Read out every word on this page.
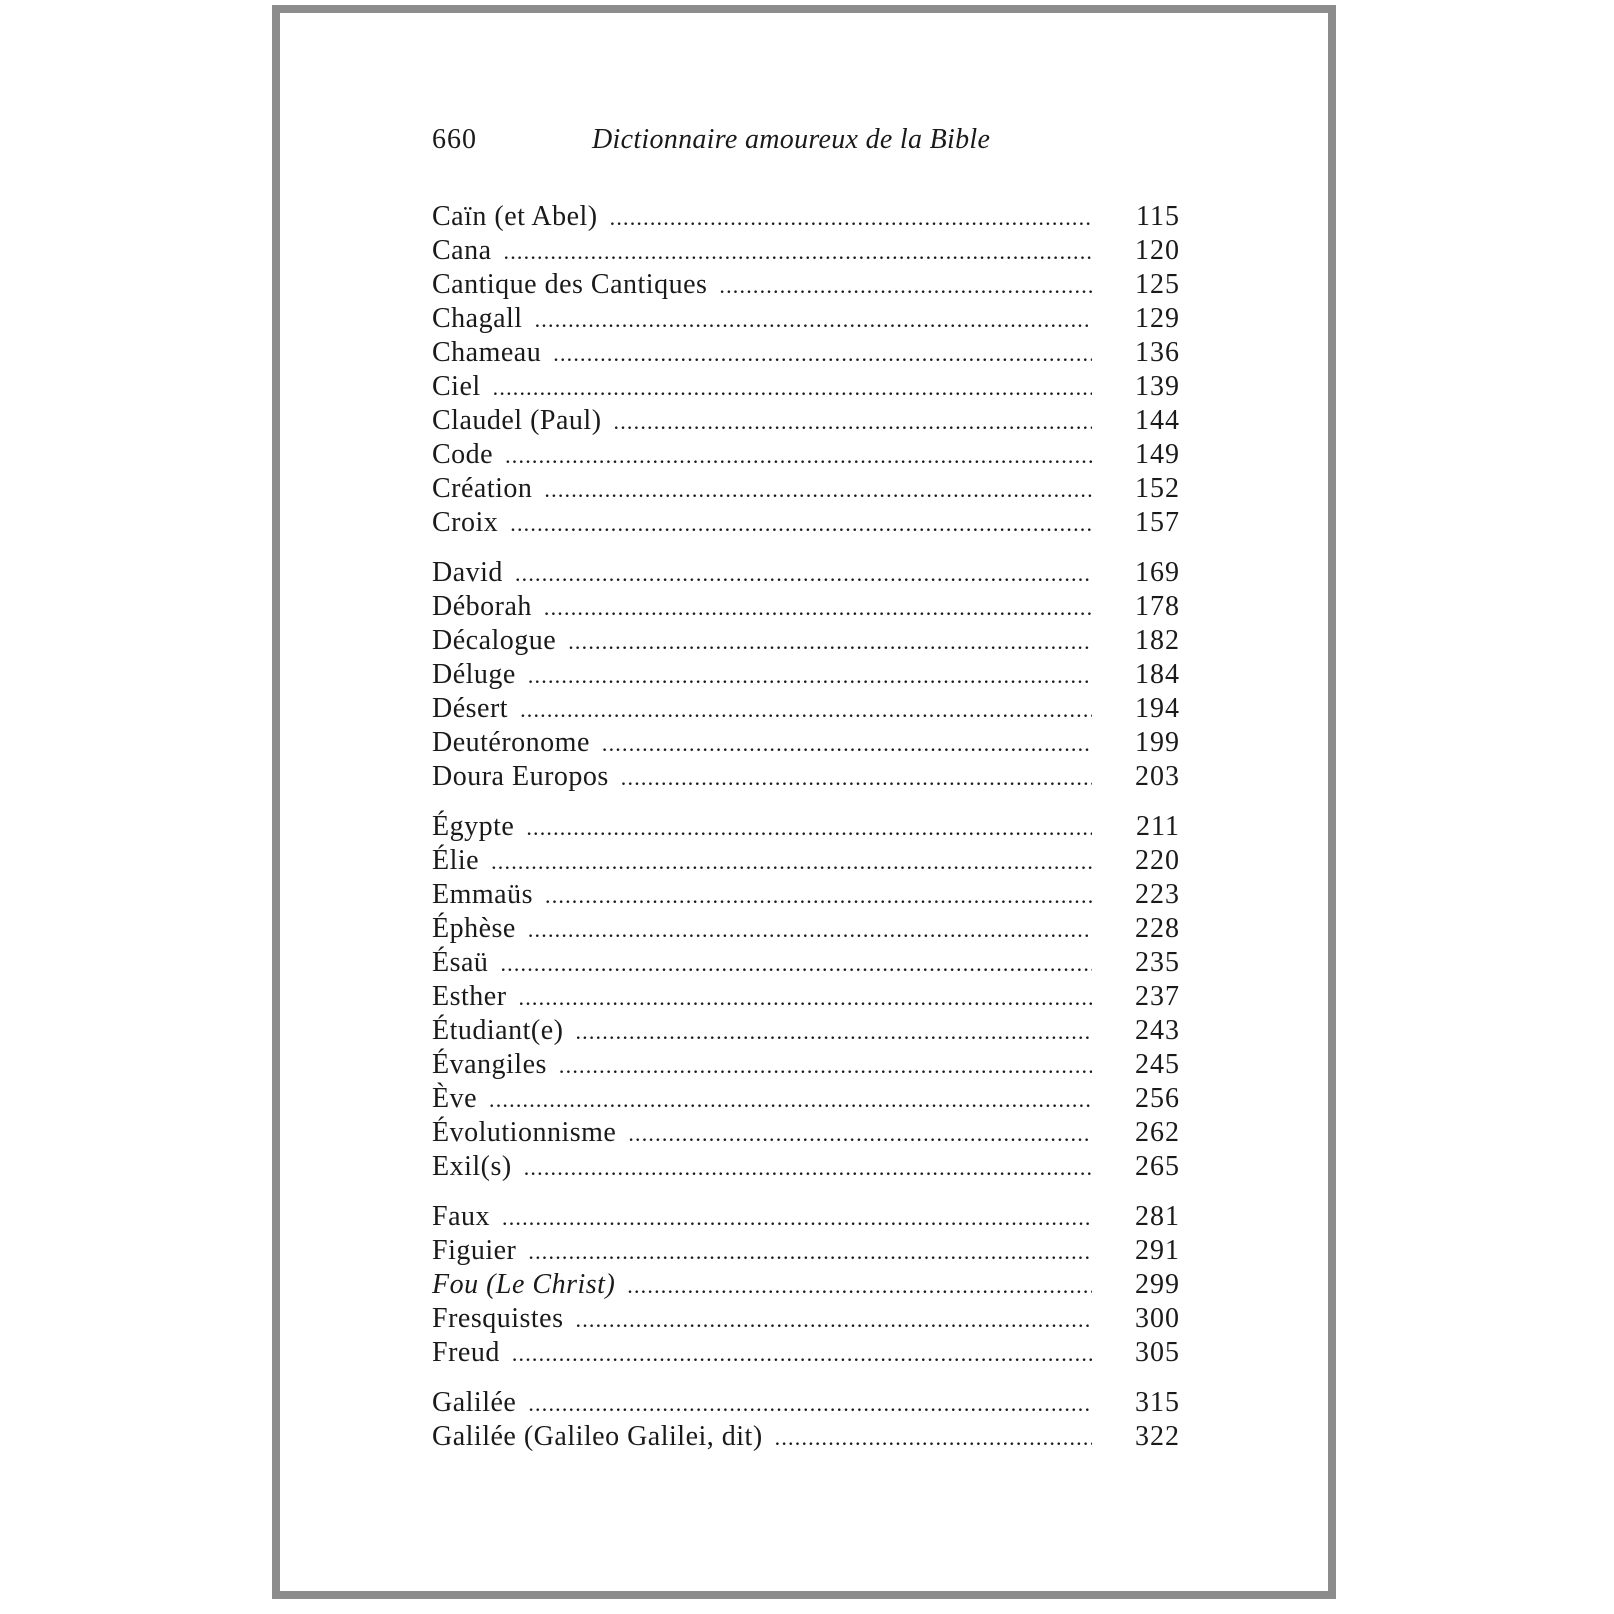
660	Dictionnaire amoureux de la Bible
Caïn (et Abel) .....	115
Cana .....	120
Cantique des Cantiques .....	125
Chagall .....	129
Chameau .....	136
Ciel .....	139
Claudel (Paul) .....	144
Code .....	149
Création .....	152
Croix .....	157
David .....	169
Déborah .....	178
Décalogue .....	182
Déluge .....	184
Désert .....	194
Deutéronome .....	199
Doura Europos .....	203
Égypte .....	211
Élie .....	220
Emmaüs .....	223
Éphèse .....	228
Ésaü .....	235
Esther .....	237
Étudiant(e) .....	243
Évangiles .....	245
Ève .....	256
Évolutionnisme .....	262
Exil(s) .....	265
Faux .....	281
Figuier .....	291
Fou (Le Christ) .....	299
Fresquistes .....	300
Freud .....	305
Galilée .....	315
Galilée (Galileo Galilei, dit) .....	322
